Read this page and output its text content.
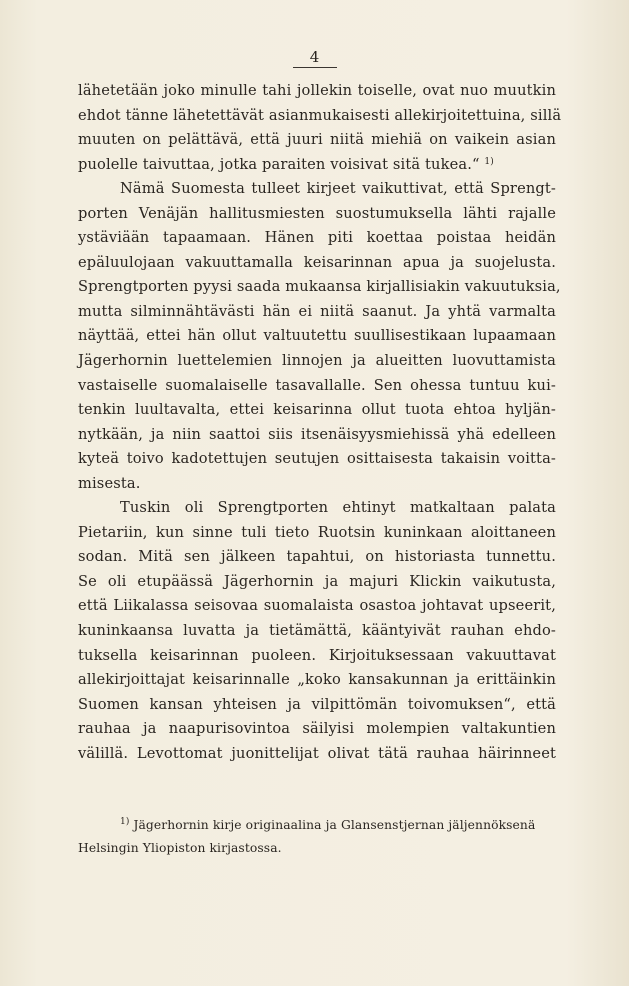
4
lähetetään joko minulle tahi jollekin toiselle, ovat nuo muutkin
ehdot tänne lähetettävät asianmukaisesti allekirjoitettuina, sillä
muuten on pelättävä, että juuri niitä miehiä on vaikein asian
puolelle taivuttaa, jotka paraiten voisivat sitä tukea.“ $^{1)}$
Nämä Suomesta tulleet kirjeet vaikuttivat, että Sprengt-
porten Venäjän hallitusmiesten suostumuksella lähti rajalle
ystäviään tapaamaan. Hänen piti koettaa poistaa heidän
epäluulojaan vakuuttamalla keisarinnan apua ja suojelusta.
Sprengtporten pyysi saada mukaansa kirjallisiakin vakuutuksia,
mutta silminnähtävästi hän ei niitä saanut. Ja yhtä varmalta
näyttää, ettei hän ollut valtuutettu suullisestikaan lupaamaan
Jägerhornin luettelemien linnojen ja alueitten luovuttamista
vastaiselle suomalaiselle tasavallalle. Sen ohessa tuntuu kui-
tenkin luultavalta, ettei keisarinna ollut tuota ehtoa hyljän-
nytkään, ja niin saattoi siis itsenäisyysmiehissä yhä edelleen
kyteä toivo kadotettujen seutujen osittaisesta takaisin voitta-
misesta.
Tuskin oli Sprengtporten ehtinyt matkaltaan palata
Pietariin, kun sinne tuli tieto Ruotsin kuninkaan aloittaneen
sodan. Mitä sen jälkeen tapahtui, on historiasta tunnettu.
Se oli etupäässä Jägerhornin ja majuri Klickin vaikutusta,
että Liikalassa seisovaa suomalaista osastoa johtavat upseerit,
kuninkaansa luvatta ja tietämättä, kääntyivät rauhan ehdo-
tuksella keisarinnan puoleen. Kirjoituksessaan vakuuttavat
allekirjoittajat keisarinnalle „koko kansakunnan ja erittäinkin
Suomen kansan yhteisen ja vilpittömän toivomuksen“, että
rauhaa ja naapurisovintoa säilyisi molempien valtakuntien
välillä. Levottomat juonittelijat olivat tätä rauhaa häirinneet
$^{1)}$ Jägerhornin kirje originaalina ja Glansenstjernan jäljennöksenä
Helsingin Yliopiston kirjastossa.
